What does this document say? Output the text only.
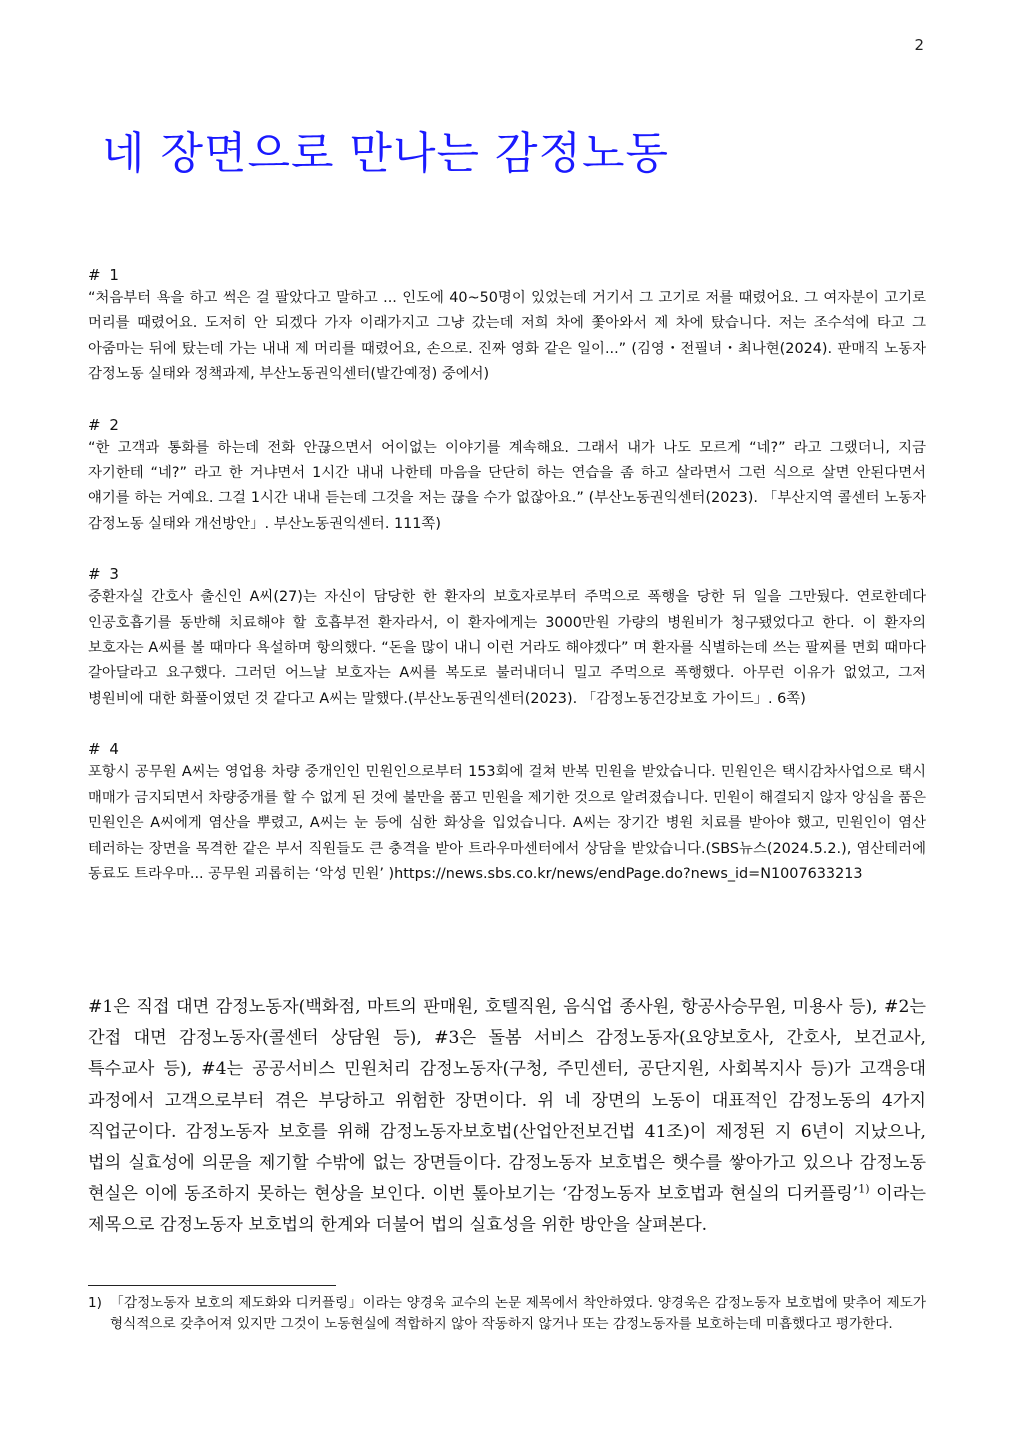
2
네 장면으로 만나는 감정노동
# 1

“처음부터 욕을 하고 썩은 걸 팔았다고 말하고 ... 인도에 40~50명이 있었는데 거기서 그 고기로 저를 때렸어요. 그 여자분이 고기로 머리를 때렸어요. 도저히 안 되겠다 가자 이래가지고 그냥 갔는데 저희 차에 쫓아와서 제 차에 탔습니다. 저는 조수석에 타고 그 아줌마는 뒤에 탔는데 가는 내내 제 머리를 때렸어요, 손으로. 진짜 영화 같은 일이...” (김영・전필녀・최나현(2024). 판매직 노동자 감정노동 실태와 정책과제, 부산노동권익센터(발간예정) 중에서)

# 2

“한 고객과 통화를 하는데 전화 안끊으면서 어이없는 이야기를 계속해요. 그래서 내가 나도 모르게 “네?” 라고 그랬더니, 지금 자기한테 “네?” 라고 한 거냐면서 1시간 내내 나한테 마음을 단단히 하는 연습을 좀 하고 살라면서 그런 식으로 살면 안된다면서 얘기를 하는 거예요. 그걸 1시간 내내 듣는데 그것을 저는 끊을 수가 없잖아요.” (부산노동권익센터(2023). 「부산지역 콜센터 노동자 감정노동 실태와 개선방안」. 부산노동권익센터. 111쪽)

# 3

중환자실 간호사 출신인 A씨(27)는 자신이 담당한 한 환자의 보호자로부터 주먹으로 폭행을 당한 뒤 일을 그만뒀다. 연로한데다 인공호흡기를 동반해 치료해야 할 호흡부전 환자라서, 이 환자에게는 3000만원 가량의 병원비가 청구됐었다고 한다. 이 환자의 보호자는 A씨를 볼 때마다 욕설하며 항의했다. “돈을 많이 내니 이런 거라도 해야겠다” 며 환자를 식별하는데 쓰는 팔찌를 면회 때마다 갈아달라고 요구했다. 그러던 어느날 보호자는 A씨를 복도로 불러내더니 밀고 주먹으로 폭행했다. 아무런 이유가 없었고, 그저 병원비에 대한 화풀이였던 것 같다고 A씨는 말했다.(부산노동권익센터(2023). 「감정노동건강보호 가이드」. 6쪽)

# 4

포항시 공무원 A씨는 영업용 차량 중개인인 민원인으로부터 153회에 걸쳐 반복 민원을 받았습니다. 민원인은 택시감차사업으로 택시 매매가 금지되면서 차량중개를 할 수 없게 된 것에 불만을 품고 민원을 제기한 것으로 알려졌습니다. 민원이 해결되지 않자 앙심을 품은 민원인은 A씨에게 염산을 뿌렸고, A씨는 눈 등에 심한 화상을 입었습니다. A씨는 장기간 병원 치료를 받아야 했고, 민원인이 염산 테러하는 장면을 목격한 같은 부서 직원들도 큰 충격을 받아 트라우마센터에서 상담을 받았습니다.(SBS뉴스(2024.5.2.), 염산테러에 동료도 트라우마... 공무원 괴롭히는 ‘악성 민원’ )https://news.sbs.co.kr/news/endPage.do?news_id=N1007633213

#1은 직접 대면 감정노동자(백화점, 마트의 판매원, 호텔직원, 음식업 종사원, 항공사승무원, 미용사 등), #2는 간접 대면 감정노동자(콜센터 상담원 등), #3은 돌봄 서비스 감정노동자(요양보호사, 간호사, 보건교사, 특수교사 등), #4는 공공서비스 민원처리 감정노동자(구청, 주민센터, 공단지원, 사회복지사 등)가 고객응대 과정에서 고객으로부터 겪은 부당하고 위험한 장면이다. 위 네 장면의 노동이 대표적인 감정노동의 4가지 직업군이다. 감정노동자 보호를 위해 감정노동자보호법(산업안전보건법 41조)이 제정된 지 6년이 지났으나, 법의 실효성에 의문을 제기할 수밖에 없는 장면들이다. 감정노동자 보호법은 햇수를 쌓아가고 있으나 감정노동 현실은 이에 동조하지 못하는 현상을 보인다. 이번 톺아보기는 ‘감정노동자 보호법과 현실의 디커플링’$^{1)}$ 이라는 제목으로 감정노동자 보호법의 한계와 더불어 법의 실효성을 위한 방안을 살펴본다.

1) 「감정노동자 보호의 제도화와 디커플링」이라는 양경욱 교수의 논문 제목에서 착안하였다. 양경욱은 감정노동자 보호법에 맞추어 제도가 형식적으로 갖추어져 있지만 그것이 노동현실에 적합하지 않아 작동하지 않거나 또는 감정노동자를 보호하는데 미흡했다고 평가한다.
